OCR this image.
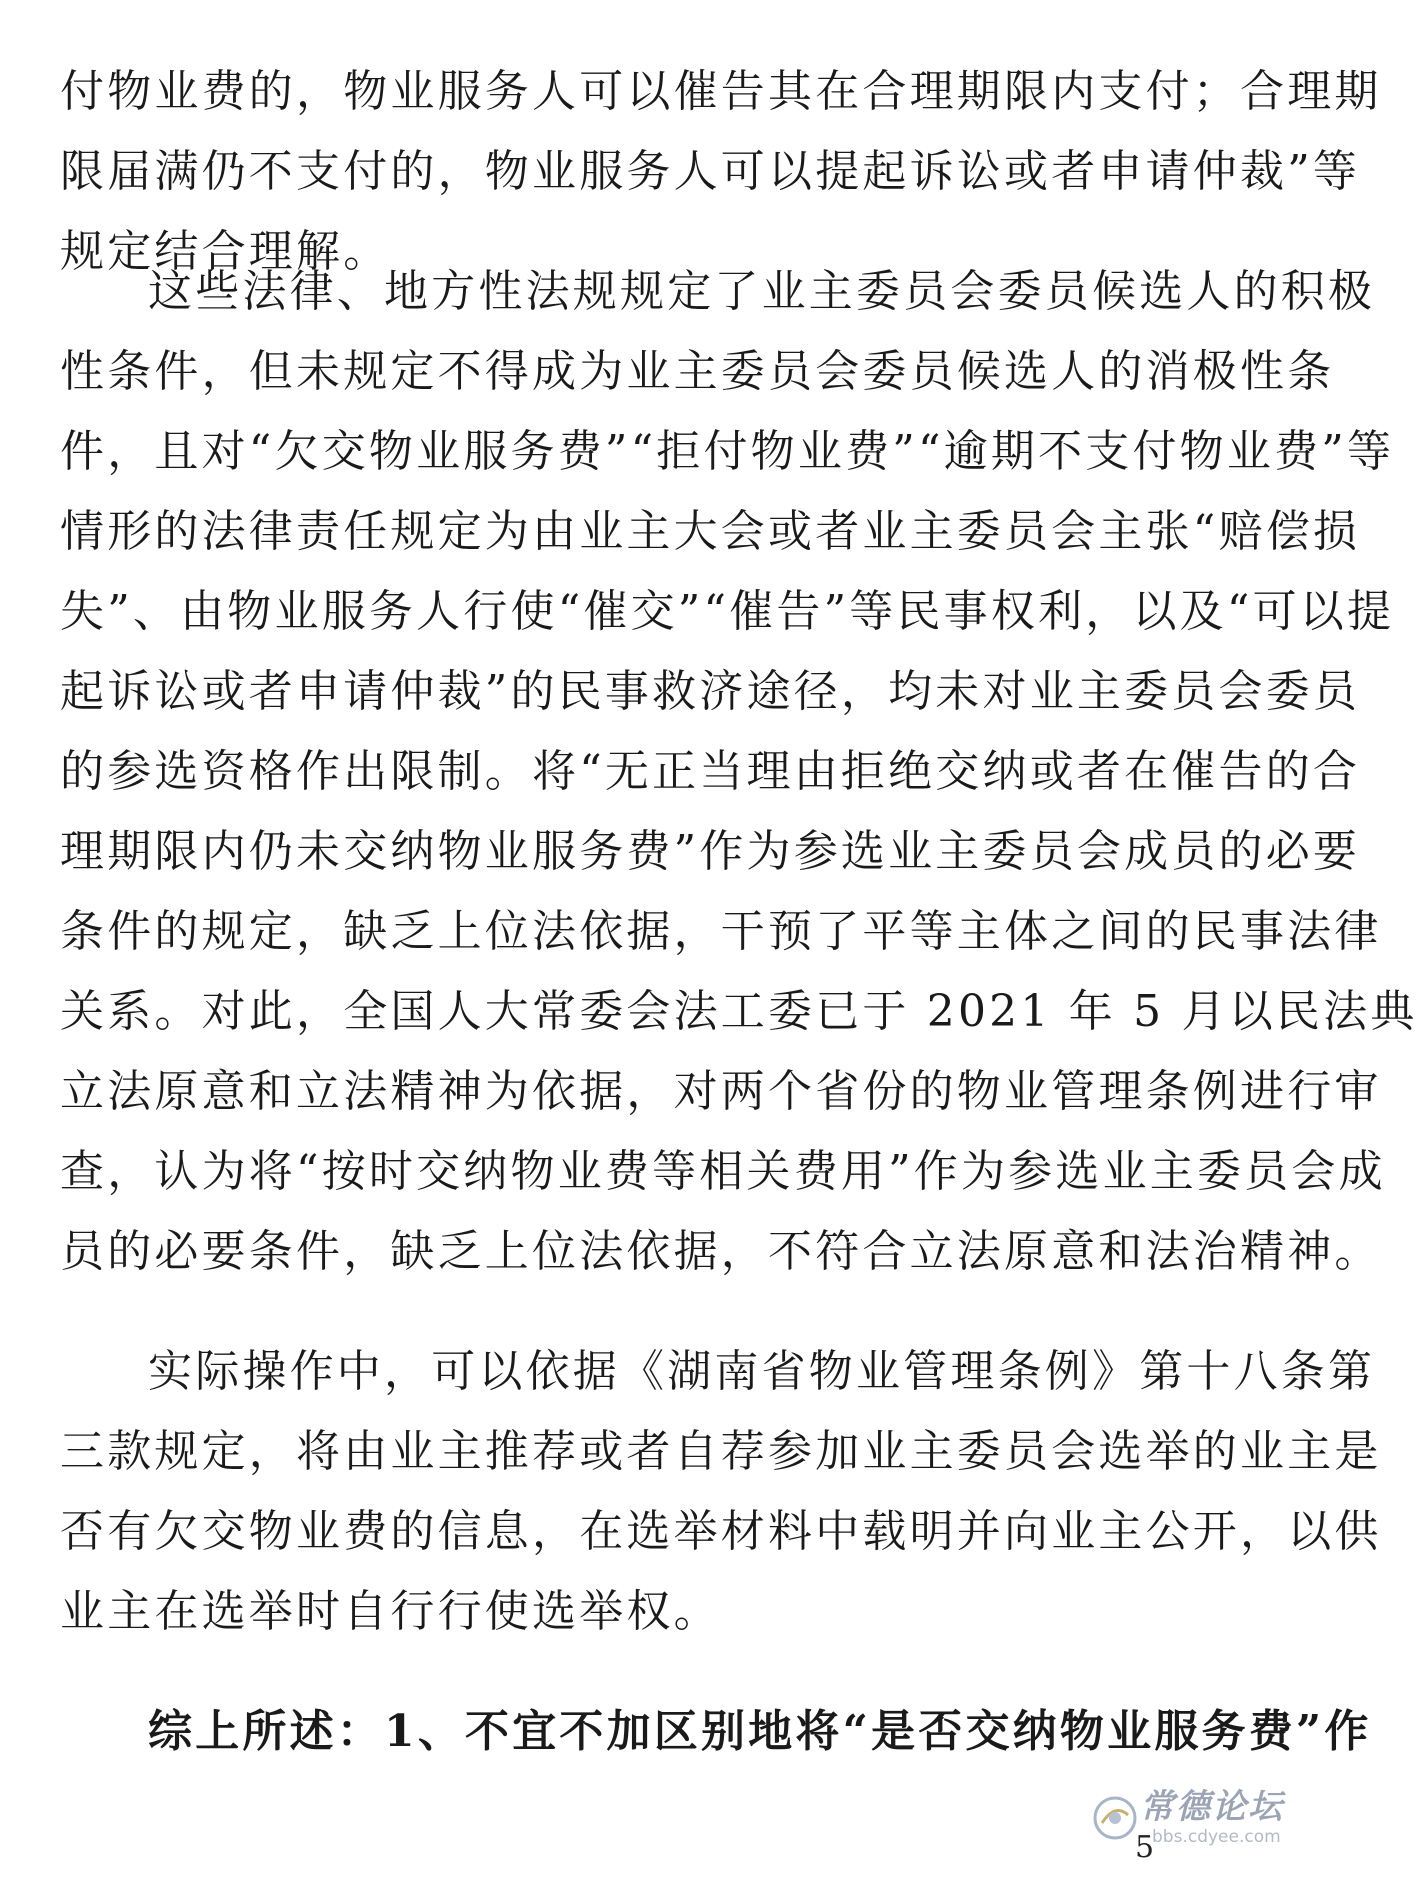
付物业费的，物业服务人可以催告其在合理期限内支付；合理期
限届满仍不支付的，物业服务人可以提起诉讼或者申请仲裁”等
规定结合理解。
这些法律、地方性法规规定了业主委员会委员候选人的积极
性条件，但未规定不得成为业主委员会委员候选人的消极性条
件，且对“欠交物业服务费”“拒付物业费”“逾期不支付物业费”等
情形的法律责任规定为由业主大会或者业主委员会主张“赔偿损
失”、由物业服务人行使“催交”“催告”等民事权利，以及“可以提
起诉讼或者申请仲裁”的民事救济途径，均未对业主委员会委员
的参选资格作出限制。将“无正当理由拒绝交纳或者在催告的合
理期限内仍未交纳物业服务费”作为参选业主委员会成员的必要
条件的规定，缺乏上位法依据，干预了平等主体之间的民事法律
关系。对此，全国人大常委会法工委已于 2021 年 5 月以民法典
立法原意和立法精神为依据，对两个省份的物业管理条例进行审
查，认为将“按时交纳物业费等相关费用”作为参选业主委员会成
员的必要条件，缺乏上位法依据，不符合立法原意和法治精神。
实际操作中，可以依据《湖南省物业管理条例》第十八条第
三款规定，将由业主推荐或者自荐参加业主委员会选举的业主是
否有欠交物业费的信息，在选举材料中载明并向业主公开，以供
业主在选举时自行行使选举权。
综上所述：1、不宜不加区别地将“是否交纳物业服务费”作
5
常德论坛
bbs.cdyee.com
